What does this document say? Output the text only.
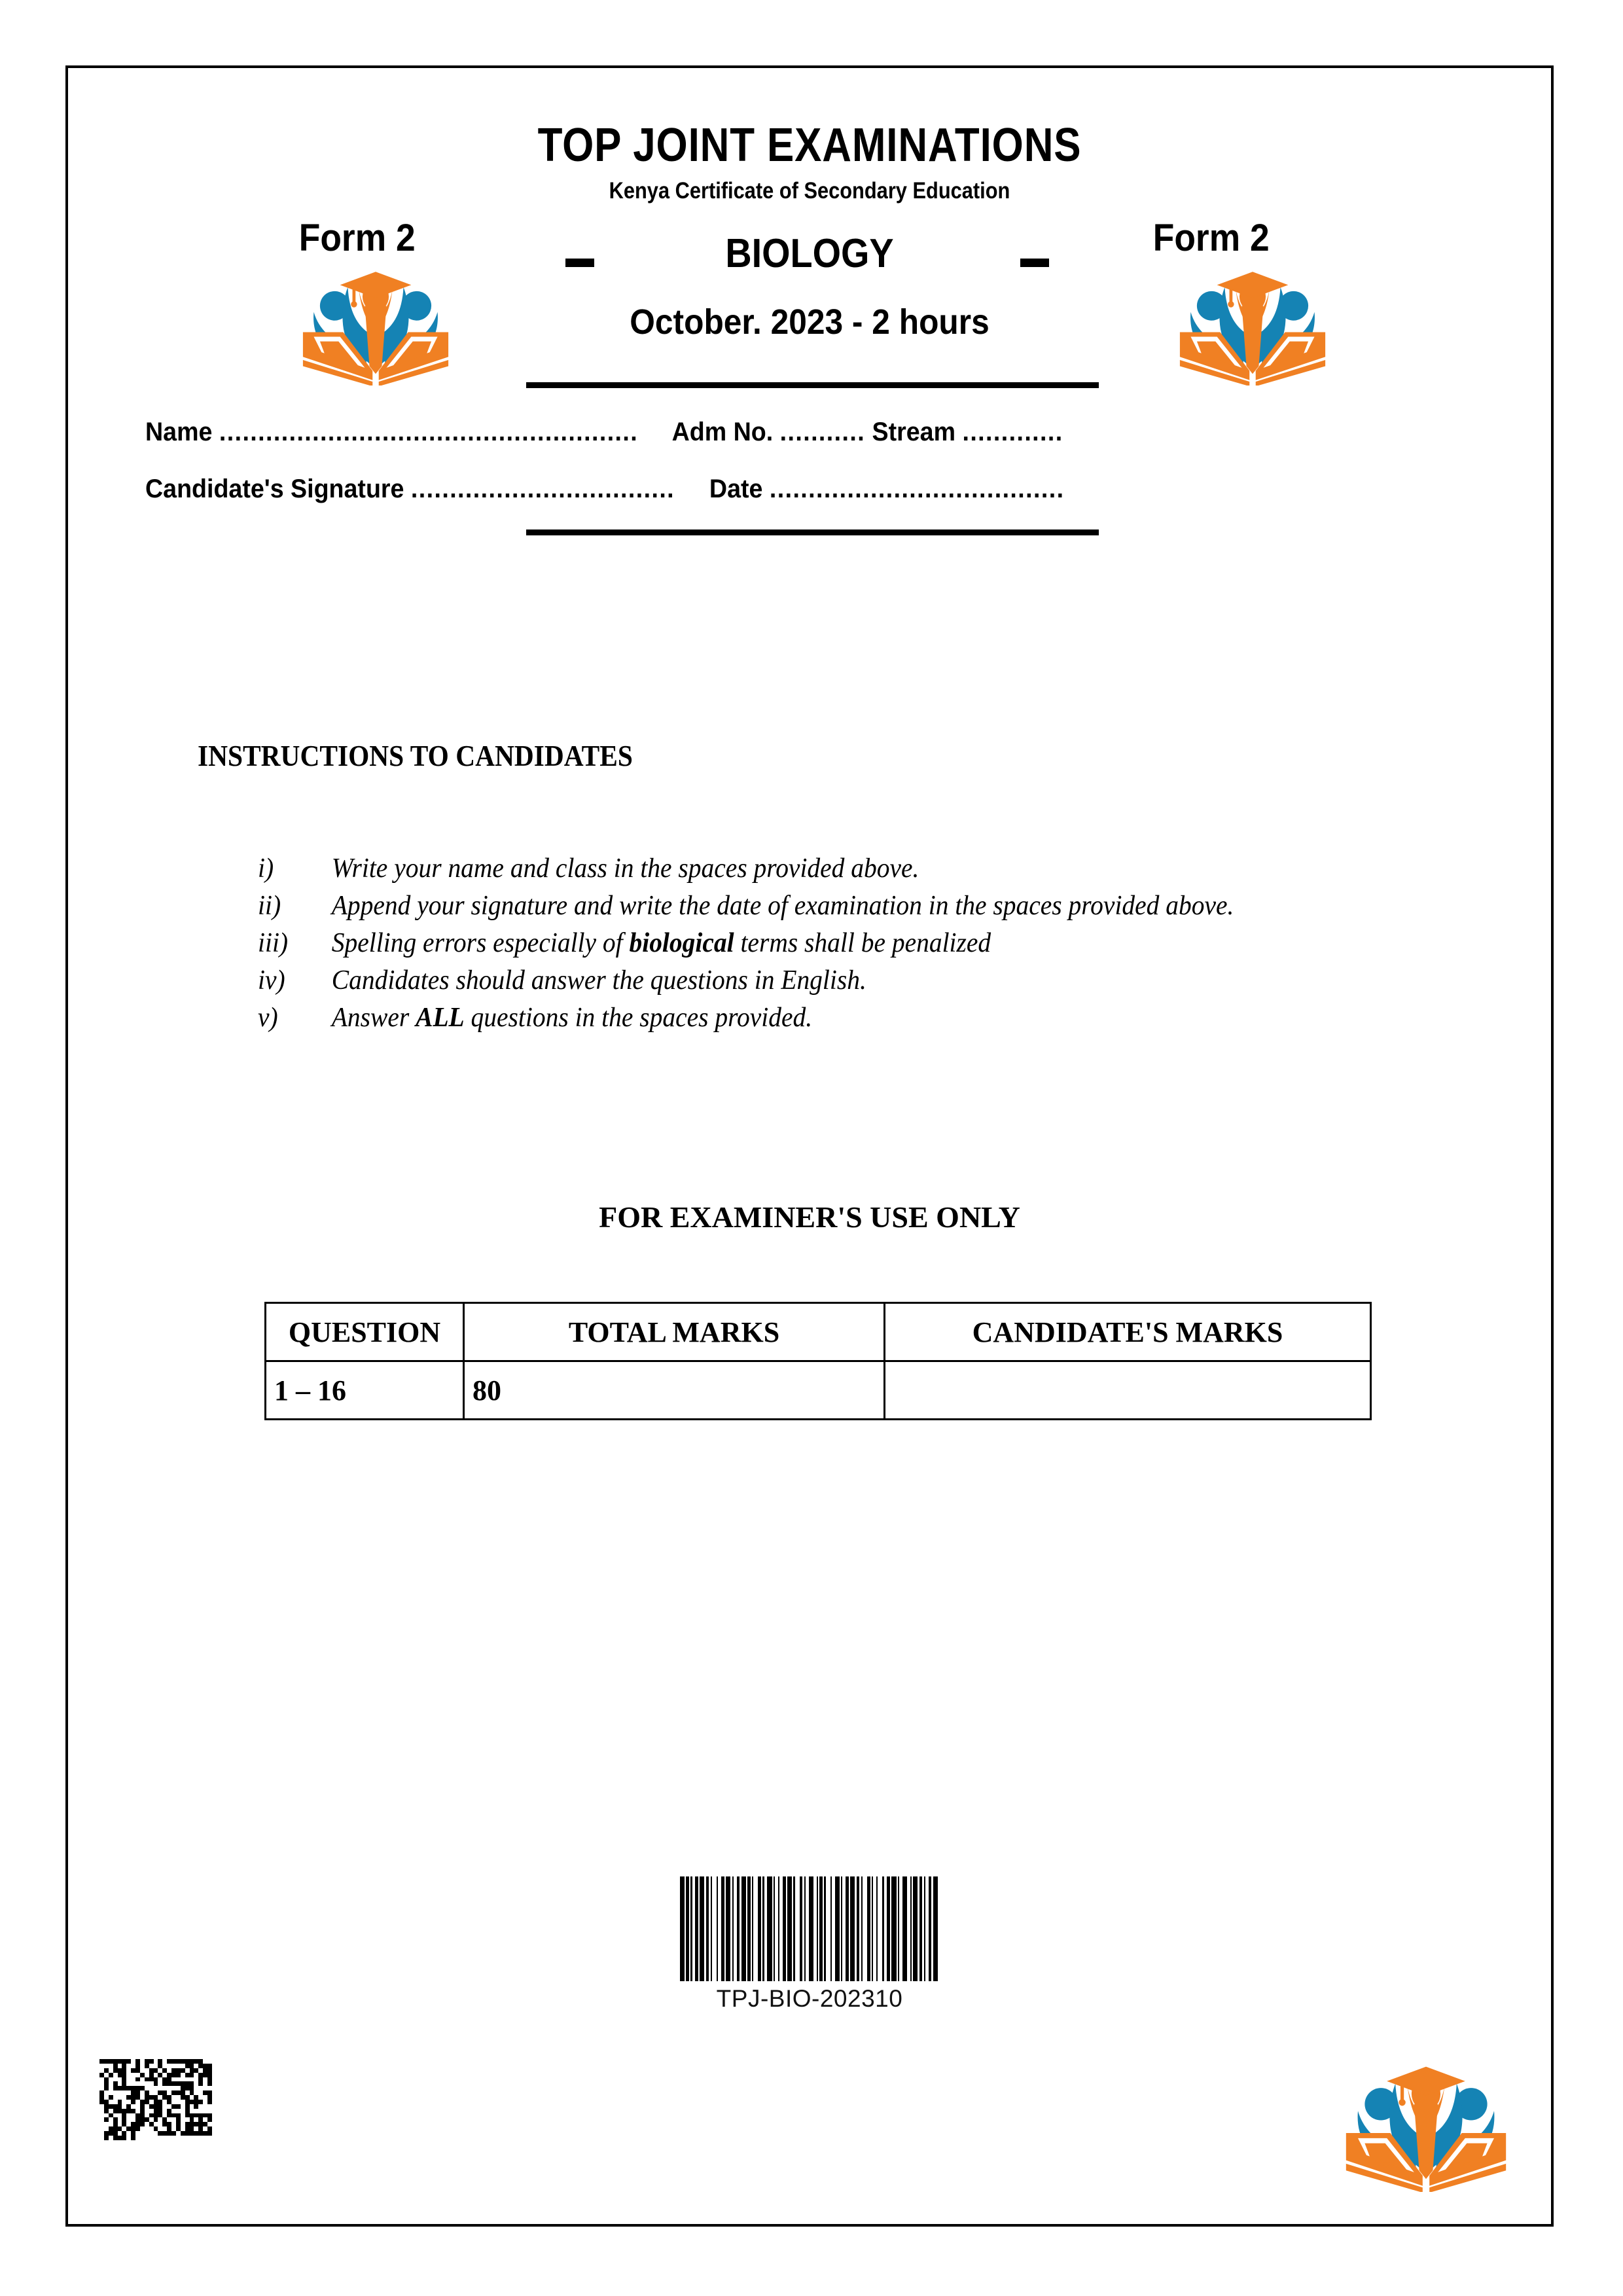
TOP JOINT EXAMINATIONS
Kenya Certificate of Secondary Education
Form 2	BIOLOGY	Form 2
October. 2023 - 2 hours
Name ...................................................... Adm No. ........... Stream .............
Candidate's Signature .................................. Date ......................................
INSTRUCTIONS TO CANDIDATES
i) Write your name and class in the spaces provided above.
ii) Append your signature and write the date of examination in the spaces provided above.
iii) Spelling errors especially of biological terms shall be penalized
iv) Candidates should answer the questions in English.
v) Answer ALL questions in the spaces provided.
FOR EXAMINER'S USE ONLY
QUESTION	TOTAL MARKS	CANDIDATE'S MARKS
1 – 16	80	
TPJ-BIO-202310
